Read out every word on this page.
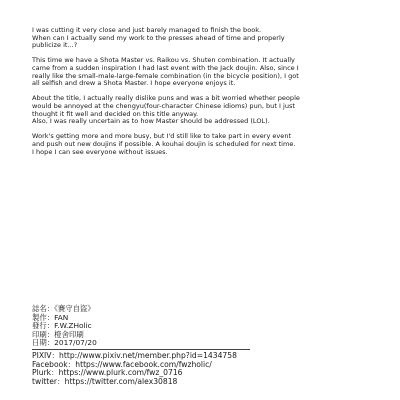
I was cutting it very close and just barely managed to finish the book.
When can I actually send my work to the presses ahead of time and properly
publicize it...?

This time we have a Shota Master vs. Raikou vs. Shuten combination. It actually
came from a sudden inspiration I had last event with the Jack doujin. Also, since I
really like the small-male-large-female combination (in the bicycle position), I got
all selfish and drew a Shota Master. I hope everyone enjoys it.

About the title, I actually really dislike puns and was a bit worried whether people
would be annoyed at the chengyu(four-character Chinese idioms) pun, but I just
thought it fit well and decided on this title anyway.
Also, I was really uncertain as to how Master should be addressed (LOL).

Work's getting more and more busy, but I'd still like to take part in every event
and push out new doujins if possible. A kouhai doujin is scheduled for next time.
I hope I can see everyone without issues.

誌名：《賽守自盜》
製作：FAN
發行：F.W.ZHolic
印刷：橙舍印刷
日期：2017/07/20
PIXIV：http://www.pixiv.net/member.php?id=1434758
Facebook：https://www.facebook.com/fwzholic/
Plurk：https://www.plurk.com/fwz_0716
twitter：https://twitter.com/alex30818
